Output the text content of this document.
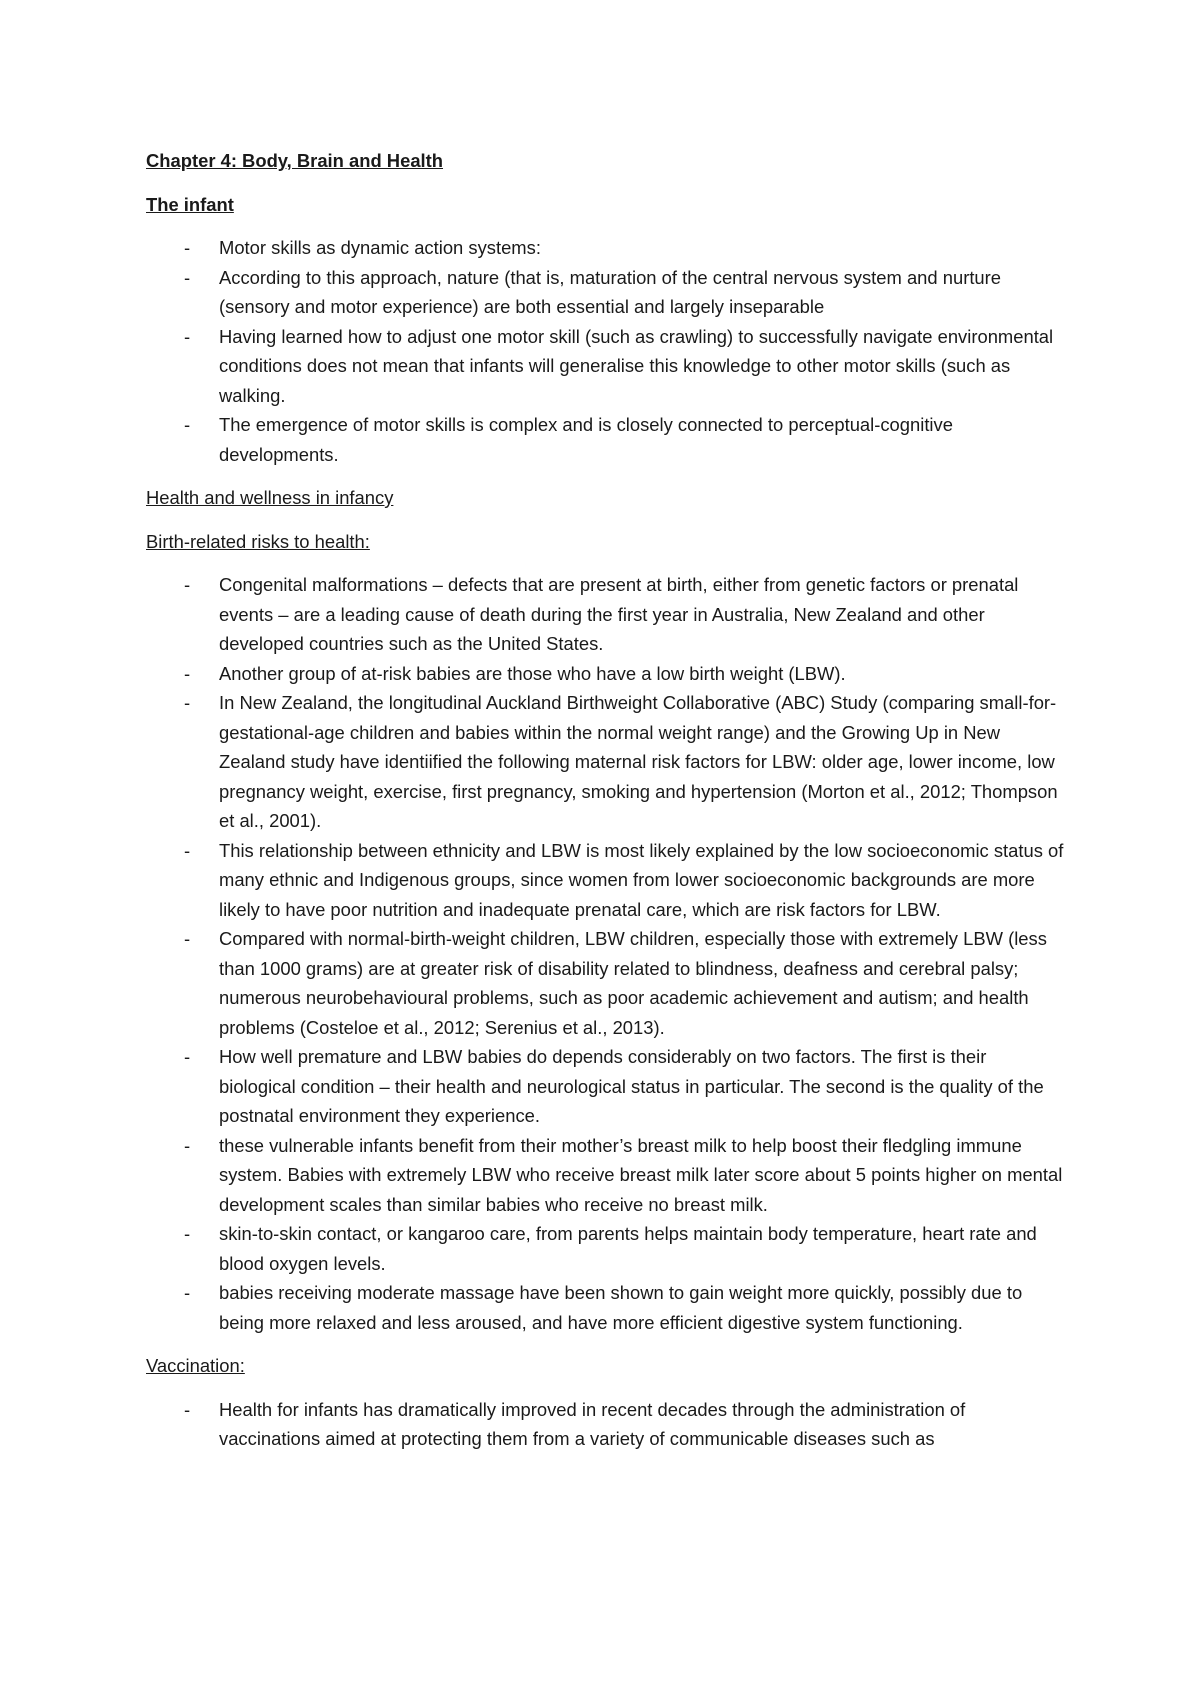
Chapter 4: Body, Brain and Health

The infant

- Motor skills as dynamic action systems:
- According to this approach, nature (that is, maturation of the central nervous system and nurture (sensory and motor experience) are both essential and largely inseparable
- Having learned how to adjust one motor skill (such as crawling) to successfully navigate environmental conditions does not mean that infants will generalise this knowledge to other motor skills (such as walking.
- The emergence of motor skills is complex and is closely connected to perceptual-cognitive developments.

Health and wellness in infancy

Birth-related risks to health:

- Congenital malformations – defects that are present at birth, either from genetic factors or prenatal events – are a leading cause of death during the first year in Australia, New Zealand and other developed countries such as the United States.
- Another group of at-risk babies are those who have a low birth weight (LBW).
- In New Zealand, the longitudinal Auckland Birthweight Collaborative (ABC) Study (comparing small-for-gestational-age children and babies within the normal weight range) and the Growing Up in New Zealand study have identiified the following maternal risk factors for LBW: older age, lower income, low pregnancy weight, exercise, first pregnancy, smoking and hypertension (Morton et al., 2012; Thompson et al., 2001).
- This relationship between ethnicity and LBW is most likely explained by the low socioeconomic status of many ethnic and Indigenous groups, since women from lower socioeconomic backgrounds are more likely to have poor nutrition and inadequate prenatal care, which are risk factors for LBW.
- Compared with normal-birth-weight children, LBW children, especially those with extremely LBW (less than 1000 grams) are at greater risk of disability related to blindness, deafness and cerebral palsy; numerous neurobehavioural problems, such as poor academic achievement and autism; and health problems (Costeloe et al., 2012; Serenius et al., 2013).
- How well premature and LBW babies do depends considerably on two factors. The first is their biological condition – their health and neurological status in particular. The second is the quality of the postnatal environment they experience.
- these vulnerable infants benefit from their mother’s breast milk to help boost their fledgling immune system. Babies with extremely LBW who receive breast milk later score about 5 points higher on mental development scales than similar babies who receive no breast milk.
- skin-to-skin contact, or kangaroo care, from parents helps maintain body temperature, heart rate and blood oxygen levels.
- babies receiving moderate massage have been shown to gain weight more quickly, possibly due to being more relaxed and less aroused, and have more efficient digestive system functioning.

Vaccination:

- Health for infants has dramatically improved in recent decades through the administration of vaccinations aimed at protecting them from a variety of communicable diseases such as
